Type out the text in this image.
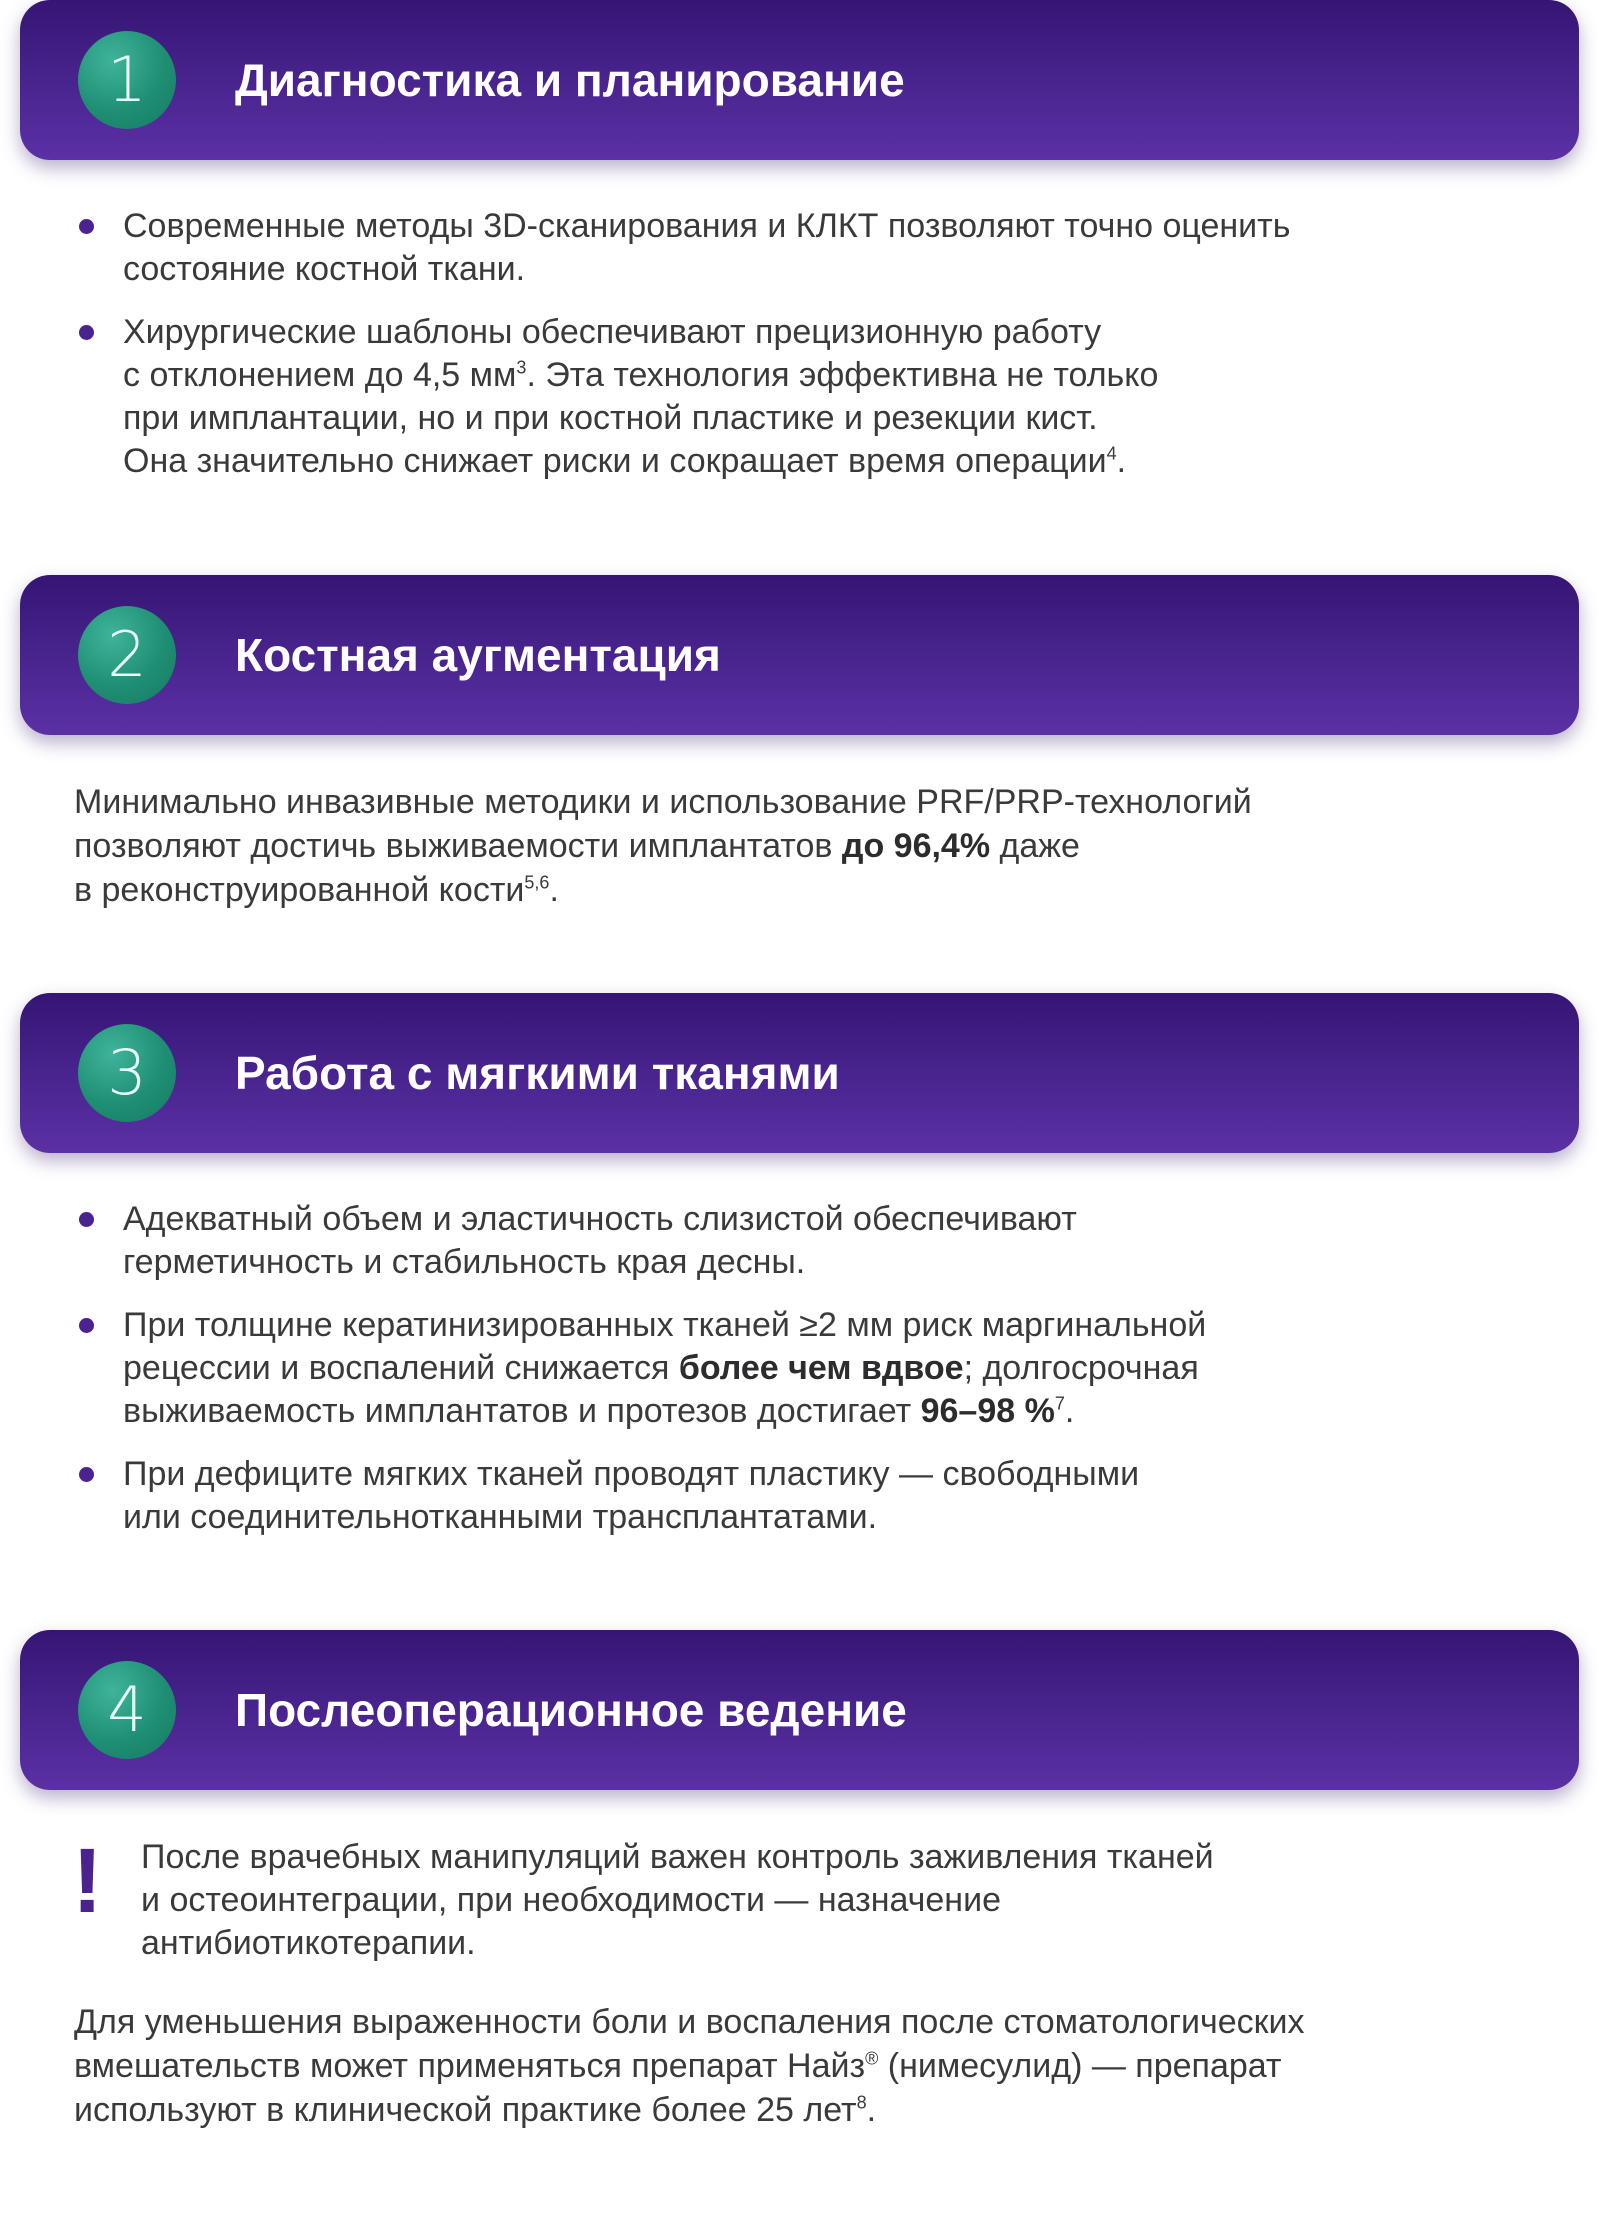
1	Диагностика и планирование
Современные методы 3D-сканирования и КЛКТ позволяют точно оценить
состояние костной ткани.
Хирургические шаблоны обеспечивают прецизионную работу
с отклонением до 4,5 $мм^3$. Эта технология эффективна не только
при имплантации, но и при костной пластике и резекции кист.
Она значительно снижает риски и сокращает время операции$^4$.
2	Костная аугментация
Минимально инвазивные методики и использование PRF/PRP-технологий
позволяют достичь выживаемости имплантатов до 96,4% даже
в реконструированной кости$^{5,6}$.
3	Работа с мягкими тканями
Адекватный объем и эластичность слизистой обеспечивают
герметичность и стабильность края десны.
При толщине кератинизированных тканей ≥2 мм риск маргинальной
рецессии и воспалений снижается более чем вдвое; долгосрочная
выживаемость имплантатов и протезов достигает 96–98 %$^7$.
При дефиците мягких тканей проводят пластику — свободными
или соединительнотканными трансплантатами.
4	Послеоперационное ведение
! После врачебных манипуляций важен контроль заживления тканей
и остеоинтеграции, при необходимости — назначение
антибиотикотерапии.
Для уменьшения выраженности боли и воспаления после стоматологических
вмешательств может применяться препарат Найз® (нимесулид) — препарат
используют в клинической практике более 25 лет$^8$.
